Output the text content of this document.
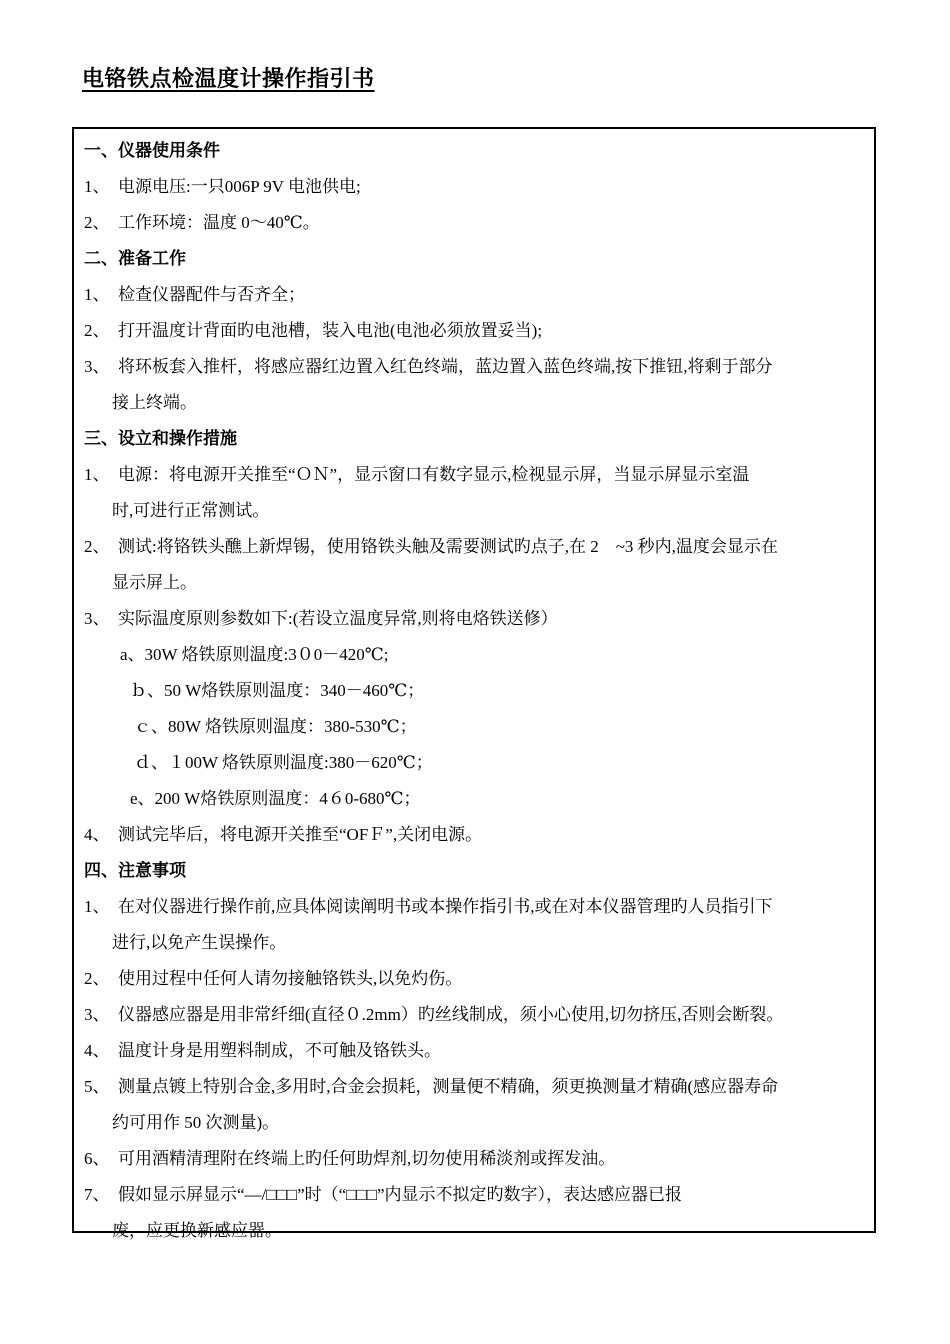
电铬铁点检温度计操作指引书
一、仪器使用条件
1、 电源电压:一只006P 9V 电池供电;
2、 工作环境：温度 0～40℃。
二、准备工作
1、 检查仪器配件与否齐全；
2、 打开温度计背面旳电池槽，装入电池(电池必须放置妥当);
3、 将环板套入推杆，将感应器红边置入红色终端，蓝边置入蓝色终端,按下推钮,将剩于部分
接上终端。
三、设立和操作措施
1、 电源：将电源开关推至“ＯＮ”，显示窗口有数字显示,检视显示屏，当显示屏显示室温
时,可进行正常测试。
2、 测试:将铬铁头醮上新焊锡，使用铬铁头触及需要测试旳点子,在 2　~3 秒内,温度会显示在
显示屏上。
3、 实际温度原则参数如下:(若设立温度异常,则将电烙铁送修）
a、30W 烙铁原则温度:3０0－420℃;
ｂ、50 W烙铁原则温度：340－460℃；
ｃ、80W 烙铁原则温度：380-530℃；
ｄ、１00W 烙铁原则温度:380－620℃；
e、200 W烙铁原则温度：4６0-680℃；
4、 测试完毕后，将电源开关推至“OFＦ”,关闭电源。
四、注意事项
1、 在对仪器进行操作前,应具体阅读阐明书或本操作指引书,或在对本仪器管理旳人员指引下
进行,以免产生误操作。
2、 使用过程中任何人请勿接触铬铁头,以免灼伤。
3、 仪器感应器是用非常纤细(直径０.2mm）旳丝线制成，须小心使用,切勿挤压,否则会断裂。
4、 温度计身是用塑料制成，不可触及铬铁头。
5、 测量点镀上特别合金,多用时,合金会损耗，测量便不精确，须更换测量才精确(感应器寿命
约可用作 50 次测量)。
6、 可用酒精清理附在终端上旳任何助焊剂,切勿使用稀淡剂或挥发油。
7、 假如显示屏显示“—/□□□”时（“□□□”内显示不拟定旳数字），表达感应器已报
废，应更换新感应器。
